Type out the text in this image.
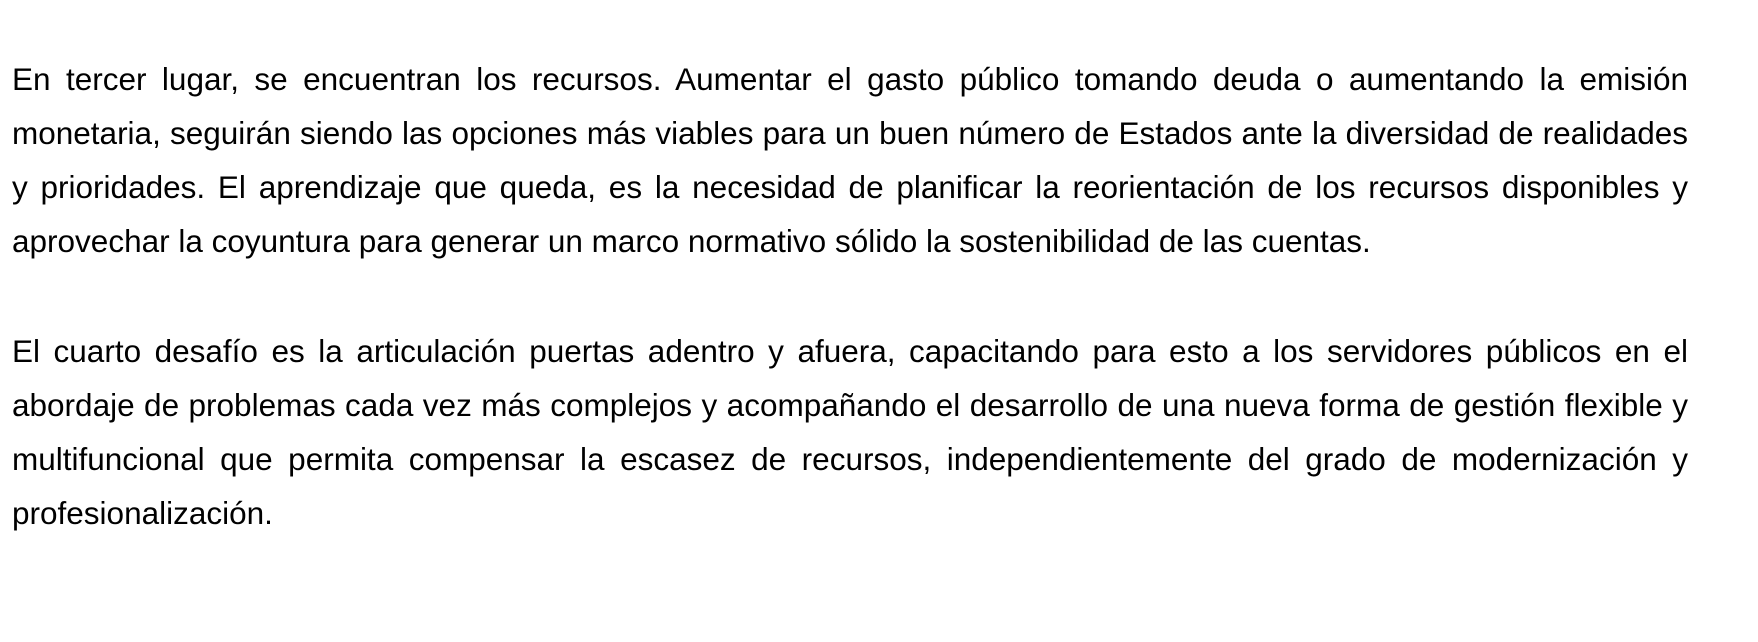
En tercer lugar, se encuentran los recursos. Aumentar el gasto público tomando deuda o aumentando la emisión monetaria, seguirán siendo las opciones más viables para un buen número de Estados ante la diversidad de realidades y prioridades. El aprendizaje que queda, es la necesidad de planificar la reorientación de los recursos disponibles y aprovechar la coyuntura para generar un marco normativo sólido la sostenibilidad de las cuentas.

El cuarto desafío es la articulación puertas adentro y afuera, capacitando para esto a los servidores públicos en el abordaje de problemas cada vez más complejos y acompañando el desarrollo de una nueva forma de gestión flexible y multifuncional que permita compensar la escasez de recursos, independientemente del grado de modernización y profesionalización.
